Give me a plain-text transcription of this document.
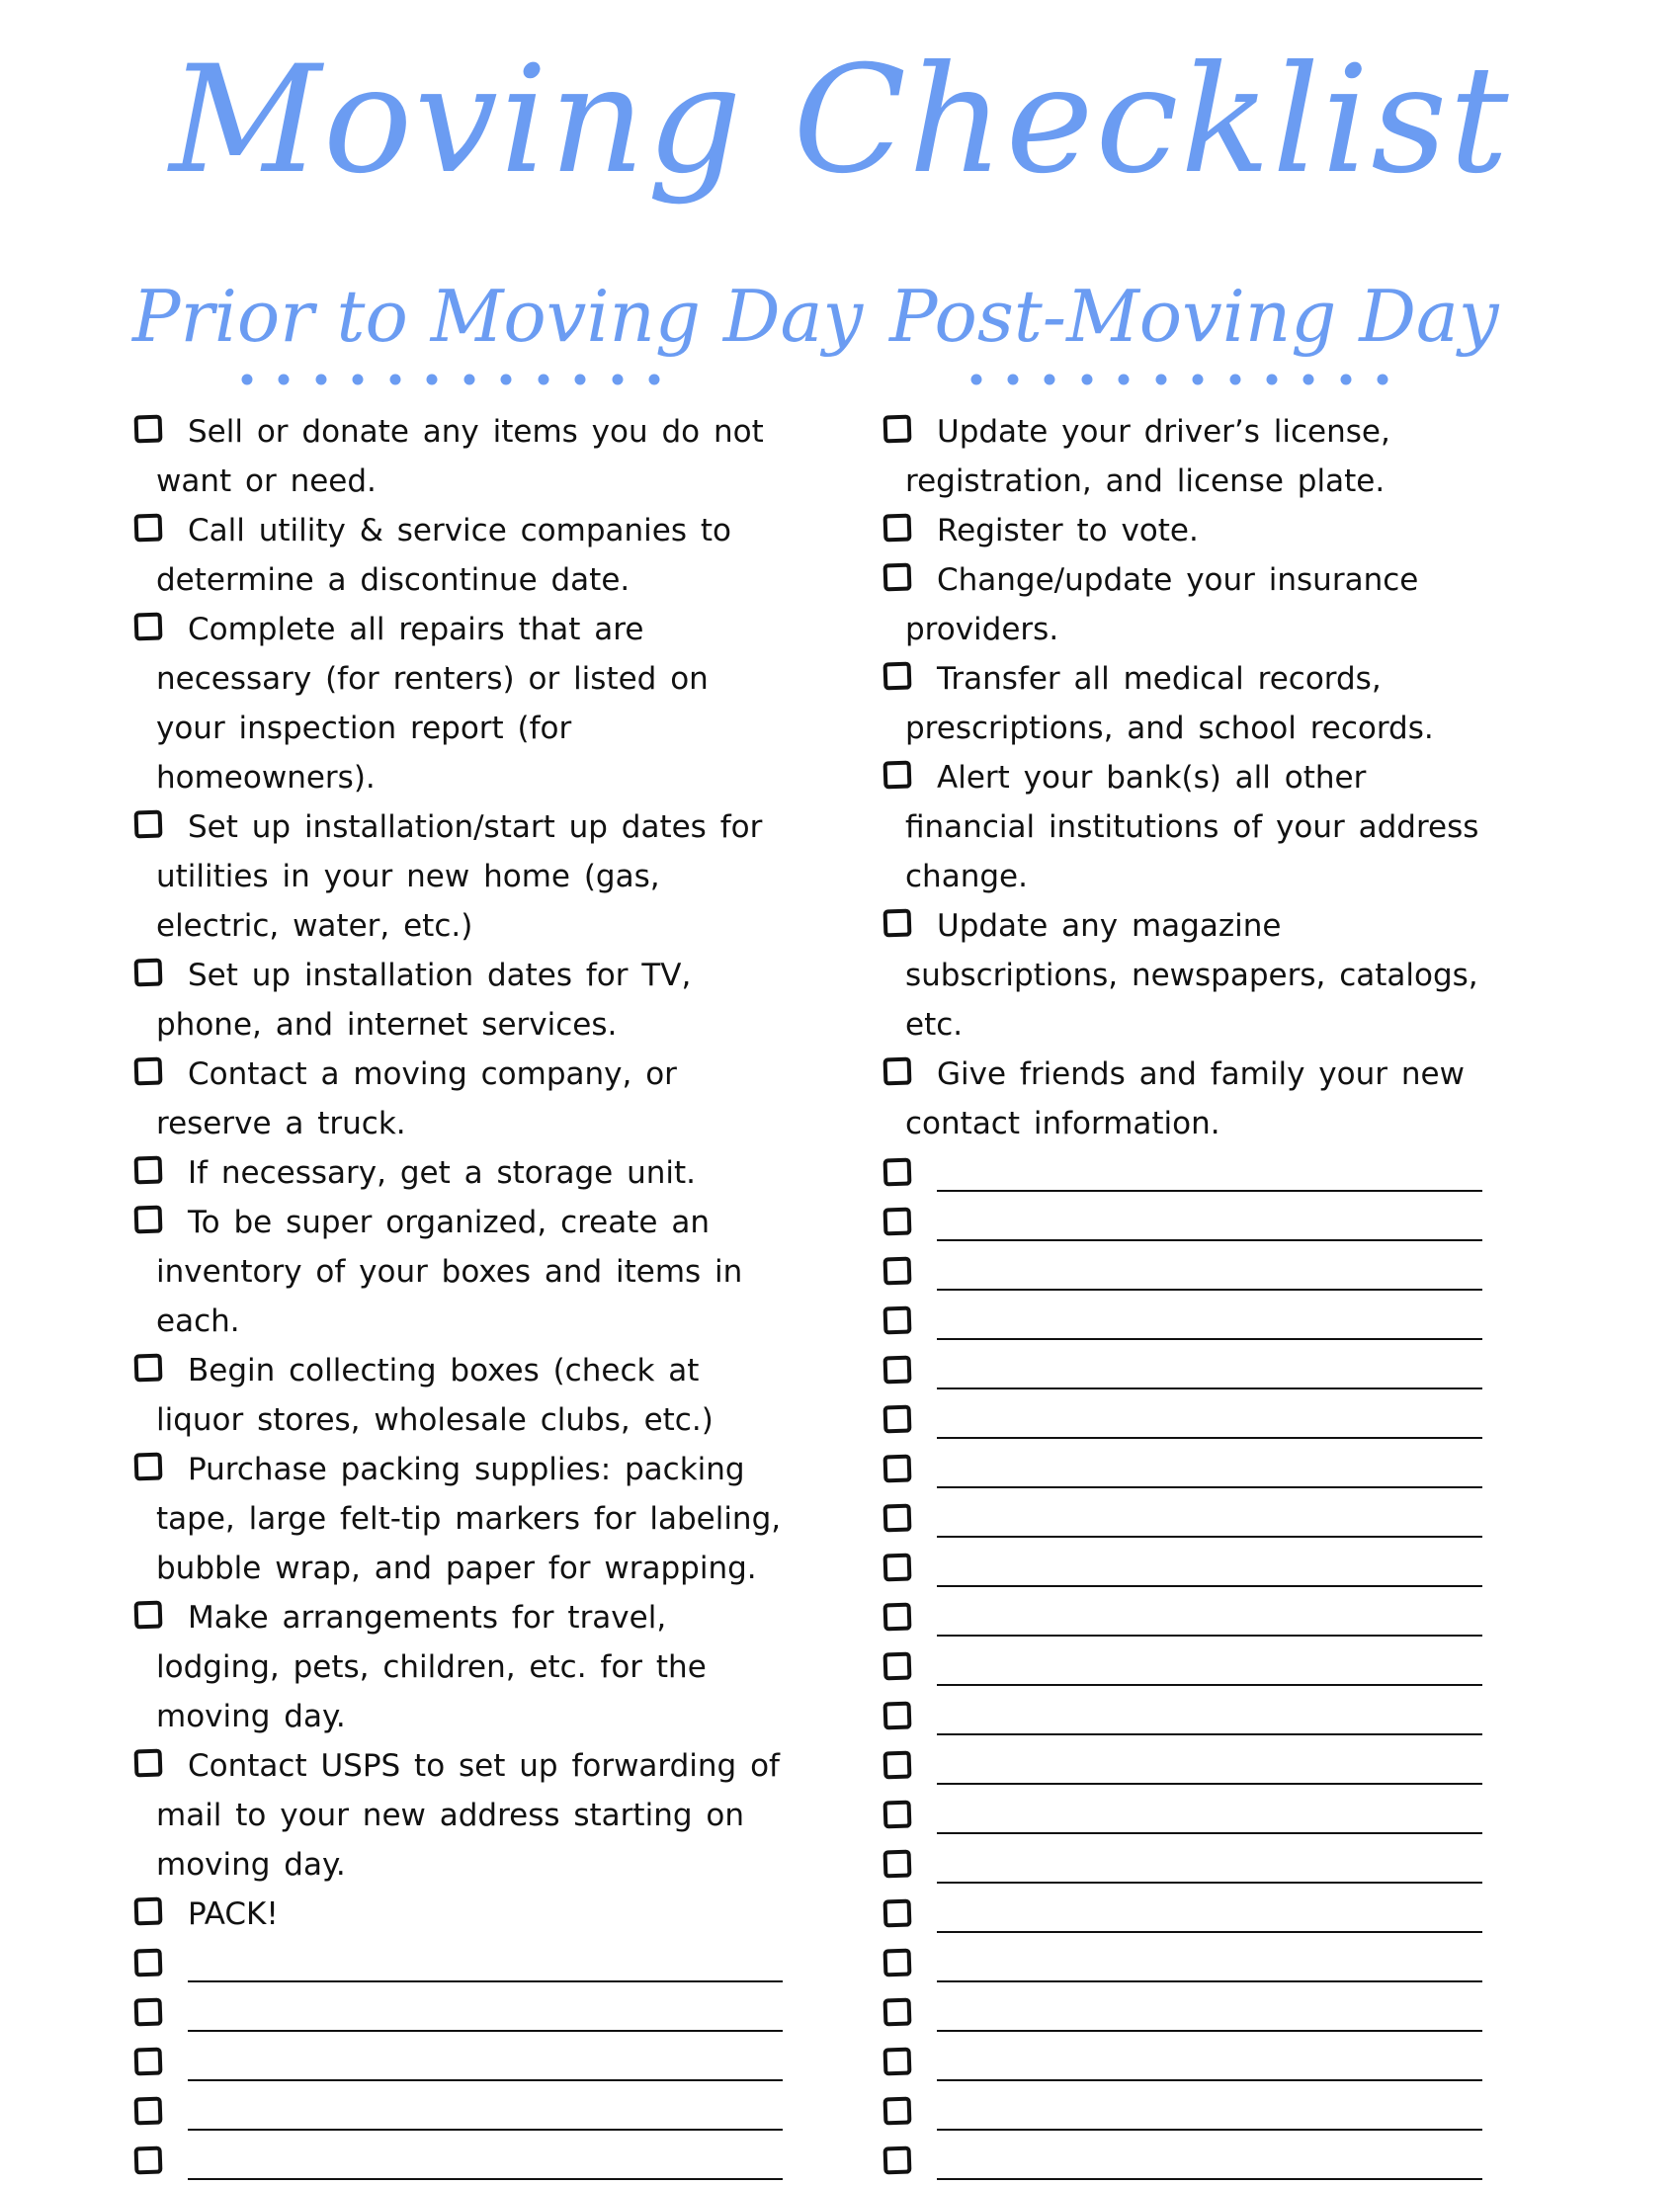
Moving Checklist
Prior to Moving Day
Sell or donate any items you do not want or need.
Call utility & service companies to determine a discontinue date.
Complete all repairs that are necessary (for renters) or listed on your inspection report (for homeowners).
Set up installation/start up dates for utilities in your new home (gas, electric, water, etc.)
Set up installation dates for TV, phone, and internet services.
Contact a moving company, or reserve a truck.
If necessary, get a storage unit.
To be super organized, create an inventory of your boxes and items in each.
Begin collecting boxes (check at liquor stores, wholesale clubs, etc.)
Purchase packing supplies: packing tape, large felt-tip markers for labeling, bubble wrap, and paper for wrapping.
Make arrangements for travel, lodging, pets, children, etc. for the moving day.
Contact USPS to set up forwarding of mail to your new address starting on moving day.
PACK!
Post-Moving Day
Update your driver’s license, registration, and license plate.
Register to vote.
Change/update your insurance providers.
Transfer all medical records, prescriptions, and school records.
Alert your bank(s) all other financial institutions of your address change.
Update any magazine subscriptions, newspapers, catalogs, etc.
Give friends and family your new contact information.
